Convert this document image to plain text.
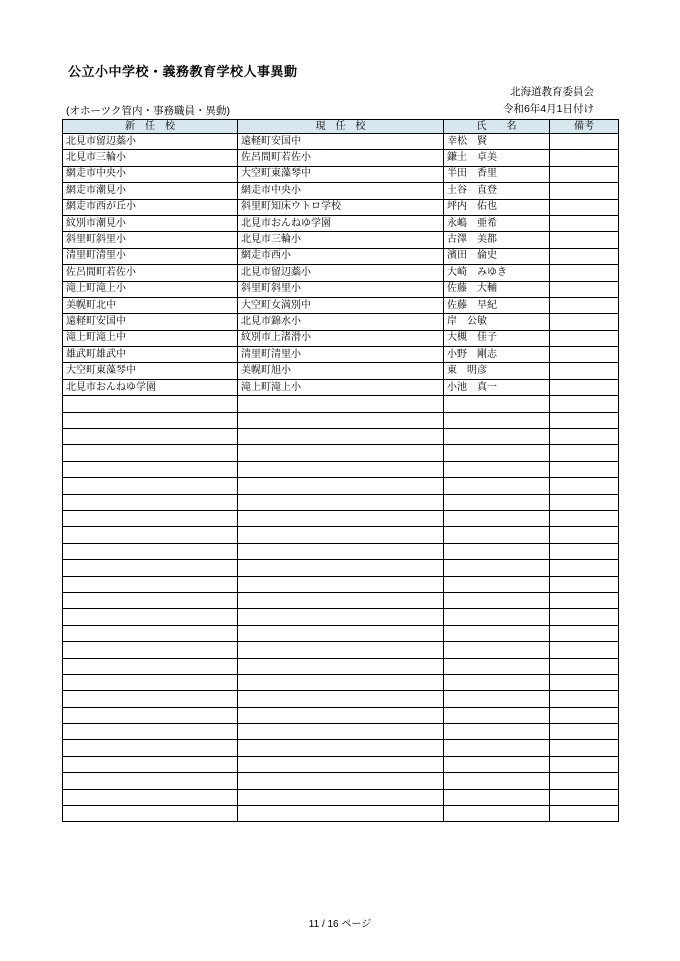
公立小中学校・義務教育学校人事異動
北海道教育委員会
(オホーツク管内・事務職員・異動)	令和6年4月1日付け
新　任　校	現　任　校	氏　　名	備考
北見市留辺蘂小	遠軽町安国中	幸松　賢	
北見市三輪小	佐呂間町若佐小	鎌土　卓美	
網走市中央小	大空町東藻琴中	半田　香里	
網走市潮見小	網走市中央小	土谷　直登	
網走市西が丘小	斜里町知床ウトロ学校	坪内　佑也	
紋別市潮見小	北見市おんねゆ学園	永嶋　亜希	
斜里町斜里小	北見市三輪小	古澤　美都	
清里町清里小	網走市西小	濱田　倫史	
佐呂間町若佐小	北見市留辺蘂小	大崎　みゆき	
滝上町滝上小	斜里町斜里小	佐藤　大輔	
美幌町北中	大空町女満別中	佐藤　早紀	
遠軽町安国中	北見市錦水小	岸　公敏	
滝上町滝上中	紋別市上渚滑小	大槻　佳子	
雄武町雄武中	清里町清里小	小野　剛志	
大空町東藻琴中	美幌町旭小	東　明彦	
北見市おんねゆ学園	滝上町滝上小	小池　真一	

11 / 16 ページ
